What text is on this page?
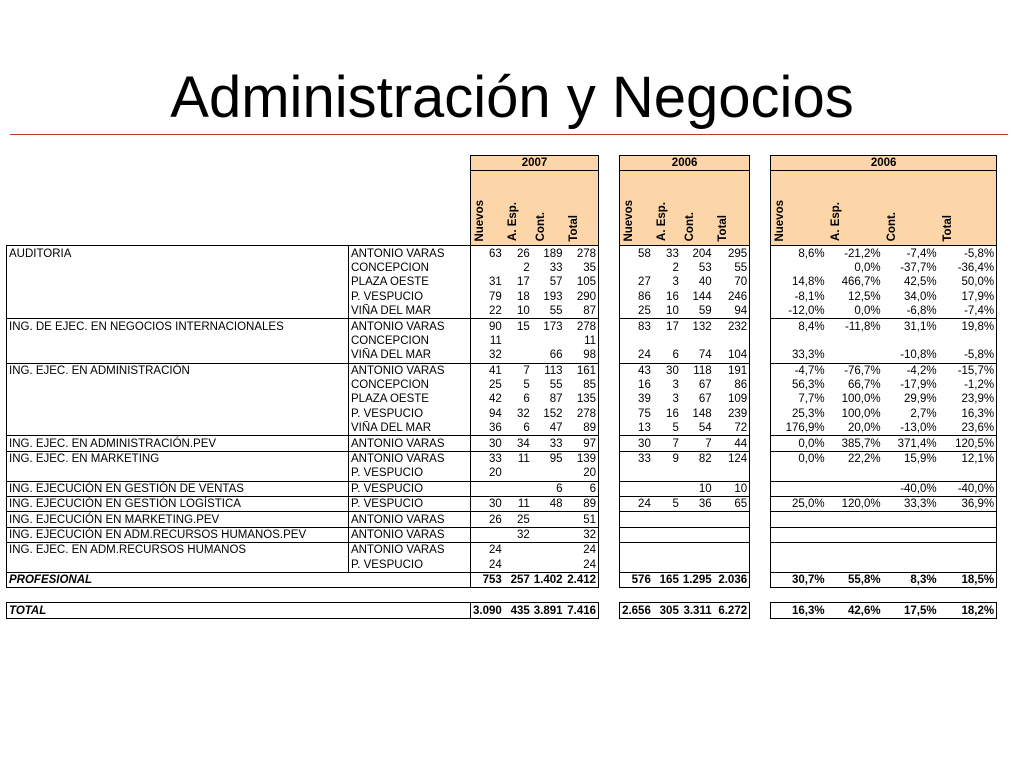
Administración y Negocios
		2007					2006					2006			
		Nuevos	A. Esp.	Cont.	Total		Nuevos	A. Esp.	Cont.	Total		Nuevos	A. Esp.	Cont.	Total
AUDITORIA	ANTONIO VARAS	63	26	189	278		58	33	204	295		8,6%	-21,2%	-7,4%	-5,8%
	CONCEPCION		2	33	35			2	53	55			0,0%	-37,7%	-36,4%
	PLAZA OESTE	31	17	57	105		27	3	40	70		14,8%	466,7%	42,5%	50,0%
	P. VESPUCIO	79	18	193	290		86	16	144	246		-8,1%	12,5%	34,0%	17,9%
	VIÑA DEL MAR	22	10	55	87		25	10	59	94		-12,0%	0,0%	-6,8%	-7,4%
ING. DE EJEC. EN NEGOCIOS INTERNACIONALES	ANTONIO VARAS	90	15	173	278		83	17	132	232		8,4%	-11,8%	31,1%	19,8%
	CONCEPCION	11			11										
	VIÑA DEL MAR	32		66	98		24	6	74	104		33,3%		-10,8%	-5,8%
ING. EJEC. EN ADMINISTRACIÓN	ANTONIO VARAS	41	7	113	161		43	30	118	191		-4,7%	-76,7%	-4,2%	-15,7%
	CONCEPCION	25	5	55	85		16	3	67	86		56,3%	66,7%	-17,9%	-1,2%
	PLAZA OESTE	42	6	87	135		39	3	67	109		7,7%	100,0%	29,9%	23,9%
	P. VESPUCIO	94	32	152	278		75	16	148	239		25,3%	100,0%	2,7%	16,3%
	VIÑA DEL MAR	36	6	47	89		13	5	54	72		176,9%	20,0%	-13,0%	23,6%
ING. EJEC. EN ADMINISTRACIÓN.PEV	ANTONIO VARAS	30	34	33	97		30	7	7	44		0,0%	385,7%	371,4%	120,5%
ING. EJEC. EN MARKETING	ANTONIO VARAS	33	11	95	139		33	9	82	124		0,0%	22,2%	15,9%	12,1%
	P. VESPUCIO	20			20										
ING. EJECUCIÓN EN GESTIÓN DE VENTAS	P. VESPUCIO			6	6				10	10				-40,0%	-40,0%
ING. EJECUCIÓN EN GESTIÓN LOGÍSTICA	P. VESPUCIO	30	11	48	89		24	5	36	65		25,0%	120,0%	33,3%	36,9%
ING. EJECUCIÓN EN MARKETING.PEV	ANTONIO VARAS	26	25		51										
ING. EJECUCIÓN EN ADM.RECURSOS HUMANOS.PEV	ANTONIO VARAS		32		32										
ING. EJEC. EN ADM.RECURSOS HUMANOS	ANTONIO VARAS	24			24										
	P. VESPUCIO	24			24										
PROFESIONAL		753	257	1.402	2.412		576	165	1.295	2.036		30,7%	55,8%	8,3%	18,5%

TOTAL		3.090	435	3.891	7.416		2.656	305	3.311	6.272		16,3%	42,6%	17,5%	18,2%
